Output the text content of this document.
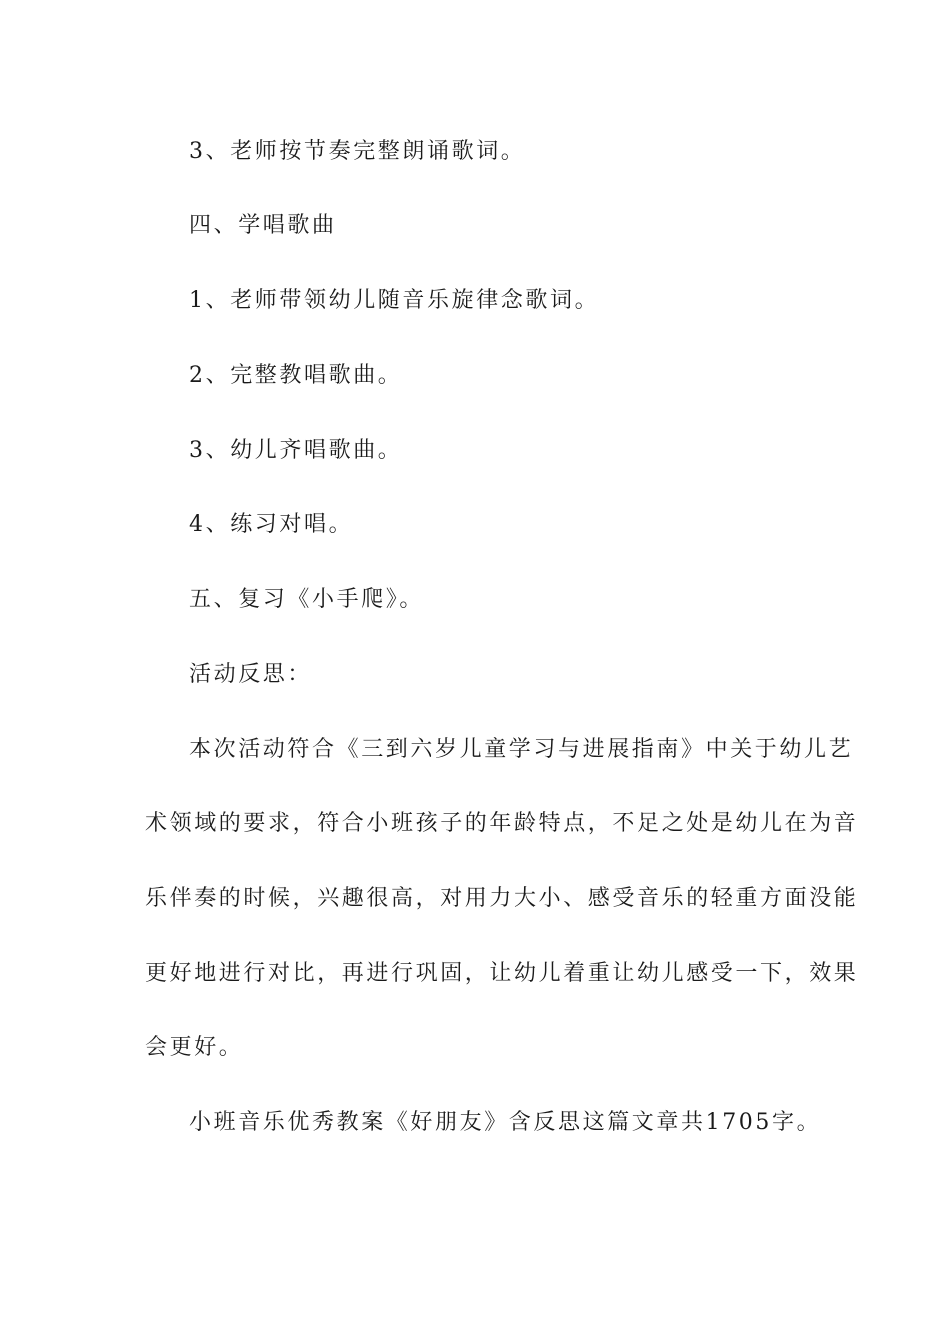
3、老师按节奏完整朗诵歌词。
四、学唱歌曲
1、老师带领幼儿随音乐旋律念歌词。
2、完整教唱歌曲。
3、幼儿齐唱歌曲。
4、练习对唱。
五、复习《小手爬》。
活动反思：
本次活动符合《三到六岁儿童学习与进展指南》中关于幼儿艺
术领域的要求，符合小班孩子的年龄特点，不足之处是幼儿在为音
乐伴奏的时候，兴趣很高，对用力大小、感受音乐的轻重方面没能
更好地进行对比，再进行巩固，让幼儿着重让幼儿感受一下，效果
会更好。
小班音乐优秀教案《好朋友》含反思这篇文章共1705字。
